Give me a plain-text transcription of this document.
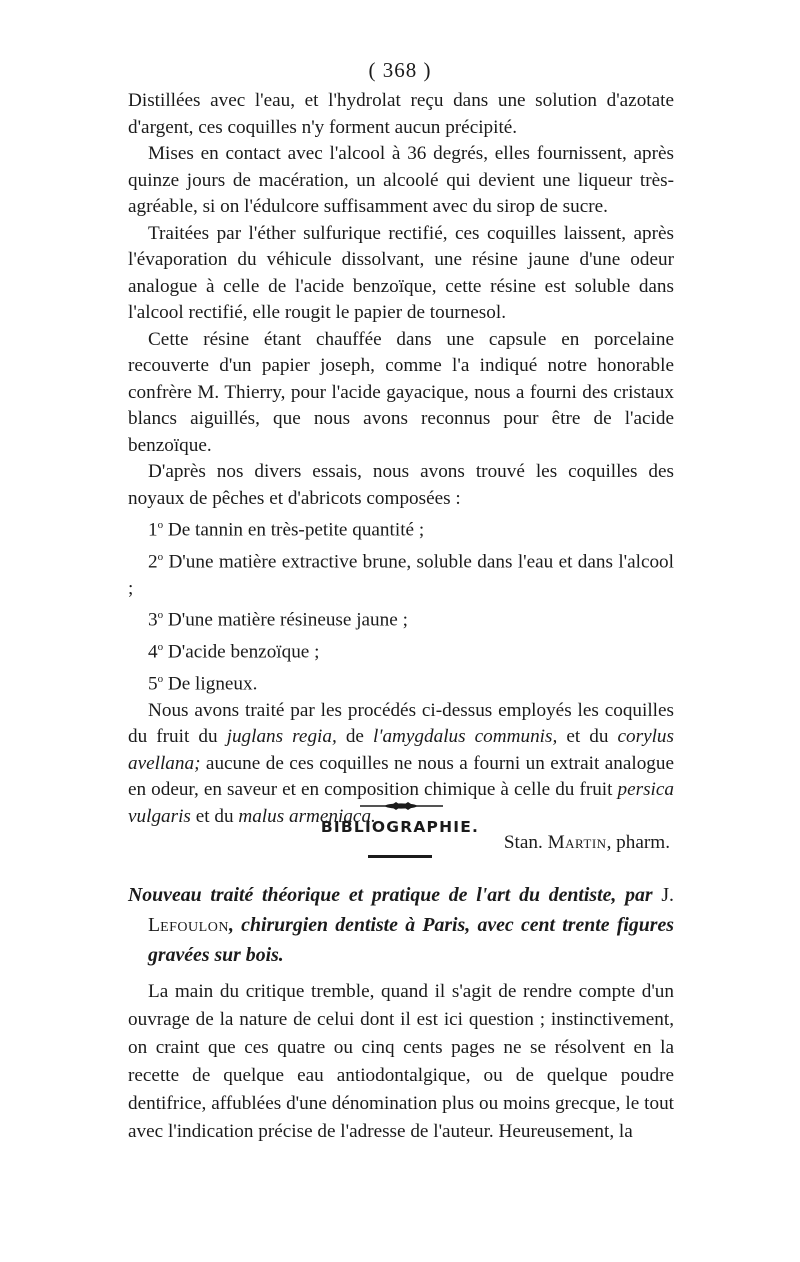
( 368 )

Distillées avec l'eau, et l'hydrolat reçu dans une solution d'azotate d'argent, ces coquilles n'y forment aucun précipité.

Mises en contact avec l'alcool à 36 degrés, elles fournissent, après quinze jours de macération, un alcoolé qui devient une liqueur très-agréable, si on l'édulcore suffisamment avec du sirop de sucre.

Traitées par l'éther sulfurique rectifié, ces coquilles laissent, après l'évaporation du véhicule dissolvant, une résine jaune d'une odeur analogue à celle de l'acide benzoïque, cette résine est soluble dans l'alcool rectifié, elle rougit le papier de tournesol.

Cette résine étant chauffée dans une capsule en porcelaine recouverte d'un papier joseph, comme l'a indiqué notre honorable confrère M. Thierry, pour l'acide gayacique, nous a fourni des cristaux blancs aiguillés, que nous avons reconnus pour être de l'acide benzoïque.

D'après nos divers essais, nous avons trouvé les coquilles des noyaux de pêches et d'abricots composées :

1$^o$ De tannin en très-petite quantité ;

2$^o$ D'une matière extractive brune, soluble dans l'eau et dans l'alcool ;

3$^o$ D'une matière résineuse jaune ;

4$^o$ D'acide benzoïque ;

5$^o$ De ligneux.

Nous avons traité par les procédés ci-dessus employés les coquilles du fruit du juglans regia, de l'amygdalus communis, et du corylus avellana; aucune de ces coquilles ne nous a fourni un extrait analogue en odeur, en saveur et en composition chimique à celle du fruit persica vulgaris et du malus armeniaca.

Stan. Martin, pharm.

BIBLIOGRAPHIE.

Nouveau traité théorique et pratique de l'art du dentiste, par J. Lefoulon, chirurgien dentiste à Paris, avec cent trente figures gravées sur bois.

La main du critique tremble, quand il s'agit de rendre compte d'un ouvrage de la nature de celui dont il est ici question ; instinctivement, on craint que ces quatre ou cinq cents pages ne se résolvent en la recette de quelque eau antiodontalgique, ou de quelque poudre dentifrice, affublées d'une dénomination plus ou moins grecque, le tout avec l'indication précise de l'adresse de l'auteur. Heureusement, la
